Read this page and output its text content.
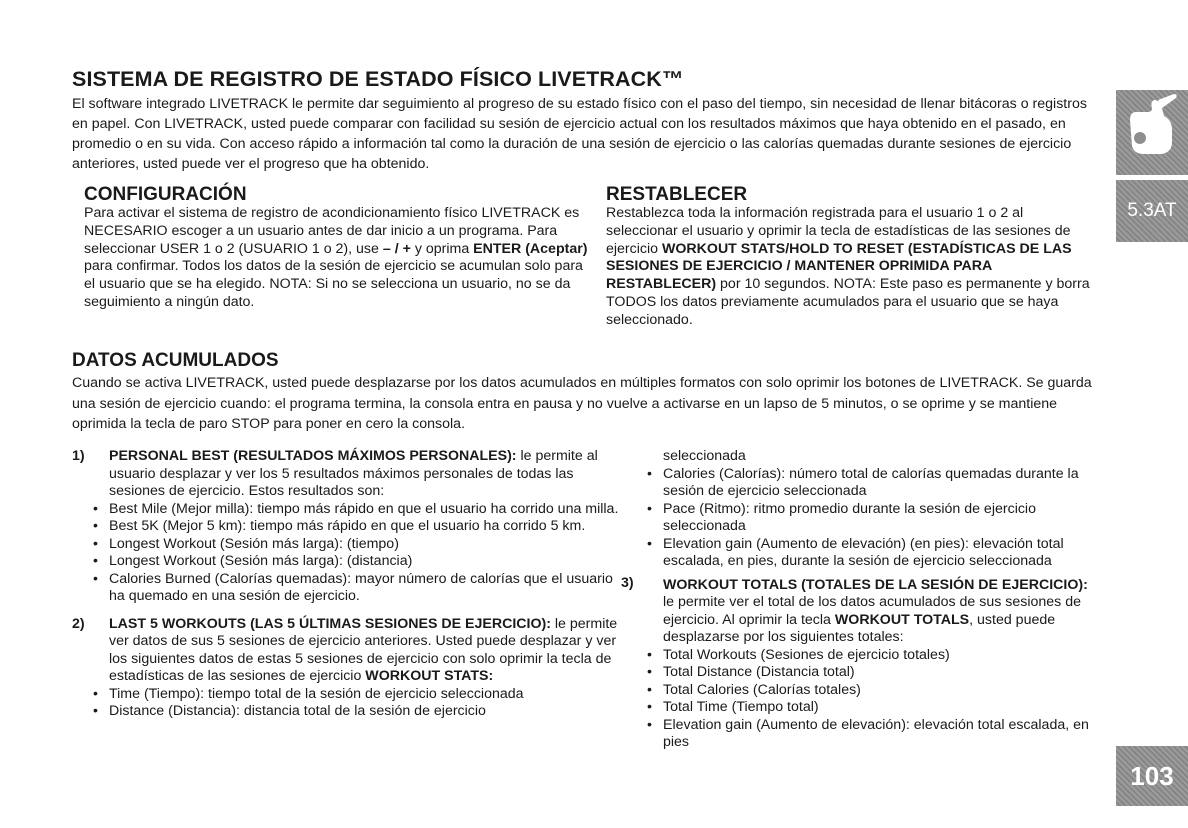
SISTEMA DE REGISTRO DE ESTADO FÍSICO LIVETRACK™

El software integrado LIVETRACK le permite dar seguimiento al progreso de su estado físico con el paso del tiempo, sin necesidad de llenar bitácoras o registros en papel. Con LIVETRACK, usted puede comparar con facilidad su sesión de ejercicio actual con los resultados máximos que haya obtenido en el pasado, en promedio o en su vida. Con acceso rápido a información tal como la duración de una sesión de ejercicio o las calorías quemadas durante sesiones de ejercicio anteriores, usted puede ver el progreso que ha obtenido.

CONFIGURACIÓN

Para activar el sistema de registro de acondicionamiento físico LIVETRACK es NECESARIO escoger a un usuario antes de dar inicio a un programa. Para seleccionar USER 1 o 2 (USUARIO 1 o 2), use – / + y oprima ENTER (Aceptar) para confirmar. Todos los datos de la sesión de ejercicio se acumulan solo para el usuario que se ha elegido. NOTA: Si no se selecciona un usuario, no se da seguimiento a ningún dato.

RESTABLECER

Restablezca toda la información registrada para el usuario 1 o 2 al seleccionar el usuario y oprimir la tecla de estadísticas de las sesiones de ejercicio WORKOUT STATS/HOLD TO RESET (ESTADÍSTICAS DE LAS SESIONES DE EJERCICIO / MANTENER OPRIMIDA PARA RESTABLECER) por 10 segundos. NOTA: Este paso es permanente y borra TODOS los datos previamente acumulados para el usuario que se haya seleccionado.

DATOS ACUMULADOS

Cuando se activa LIVETRACK, usted puede desplazarse por los datos acumulados en múltiples formatos con solo oprimir los botones de LIVETRACK. Se guarda una sesión de ejercicio cuando: el programa termina, la consola entra en pausa y no vuelve a activarse en un lapso de 5 minutos, o se oprime y se mantiene oprimida la tecla de paro STOP para poner en cero la consola.

1) PERSONAL BEST (RESULTADOS MÁXIMOS PERSONALES): le permite al usuario desplazar y ver los 5 resultados máximos personales de todas las sesiones de ejercicio. Estos resultados son:
• Best Mile (Mejor milla): tiempo más rápido en que el usuario ha corrido una milla.
• Best 5K (Mejor 5 km): tiempo más rápido en que el usuario ha corrido 5 km.
• Longest Workout (Sesión más larga): (tiempo)
• Longest Workout (Sesión más larga): (distancia)
• Calories Burned (Calorías quemadas): mayor número de calorías que el usuario ha quemado en una sesión de ejercicio.
2) LAST 5 WORKOUTS (LAS 5 ÚLTIMAS SESIONES DE EJERCICIO): le permite ver datos de sus 5 sesiones de ejercicio anteriores. Usted puede desplazar y ver los siguientes datos de estas 5 sesiones de ejercicio con solo oprimir la tecla de estadísticas de las sesiones de ejercicio WORKOUT STATS:
• Time (Tiempo): tiempo total de la sesión de ejercicio seleccionada
• Distance (Distancia): distancia total de la sesión de ejercicio
seleccionada
• Calories (Calorías): número total de calorías quemadas durante la sesión de ejercicio seleccionada
• Pace (Ritmo): ritmo promedio durante la sesión de ejercicio seleccionada
• Elevation gain (Aumento de elevación) (en pies): elevación total escalada, en pies, durante la sesión de ejercicio seleccionada
3) WORKOUT TOTALS (TOTALES DE LA SESIÓN DE EJERCICIO): le permite ver el total de los datos acumulados de sus sesiones de ejercicio. Al oprimir la tecla WORKOUT TOTALS, usted puede desplazarse por los siguientes totales:
• Total Workouts (Sesiones de ejercicio totales)
• Total Distance (Distancia total)
• Total Calories (Calorías totales)
• Total Time (Tiempo total)
• Elevation gain (Aumento de elevación): elevación total escalada, en pies
5.3AT
103
